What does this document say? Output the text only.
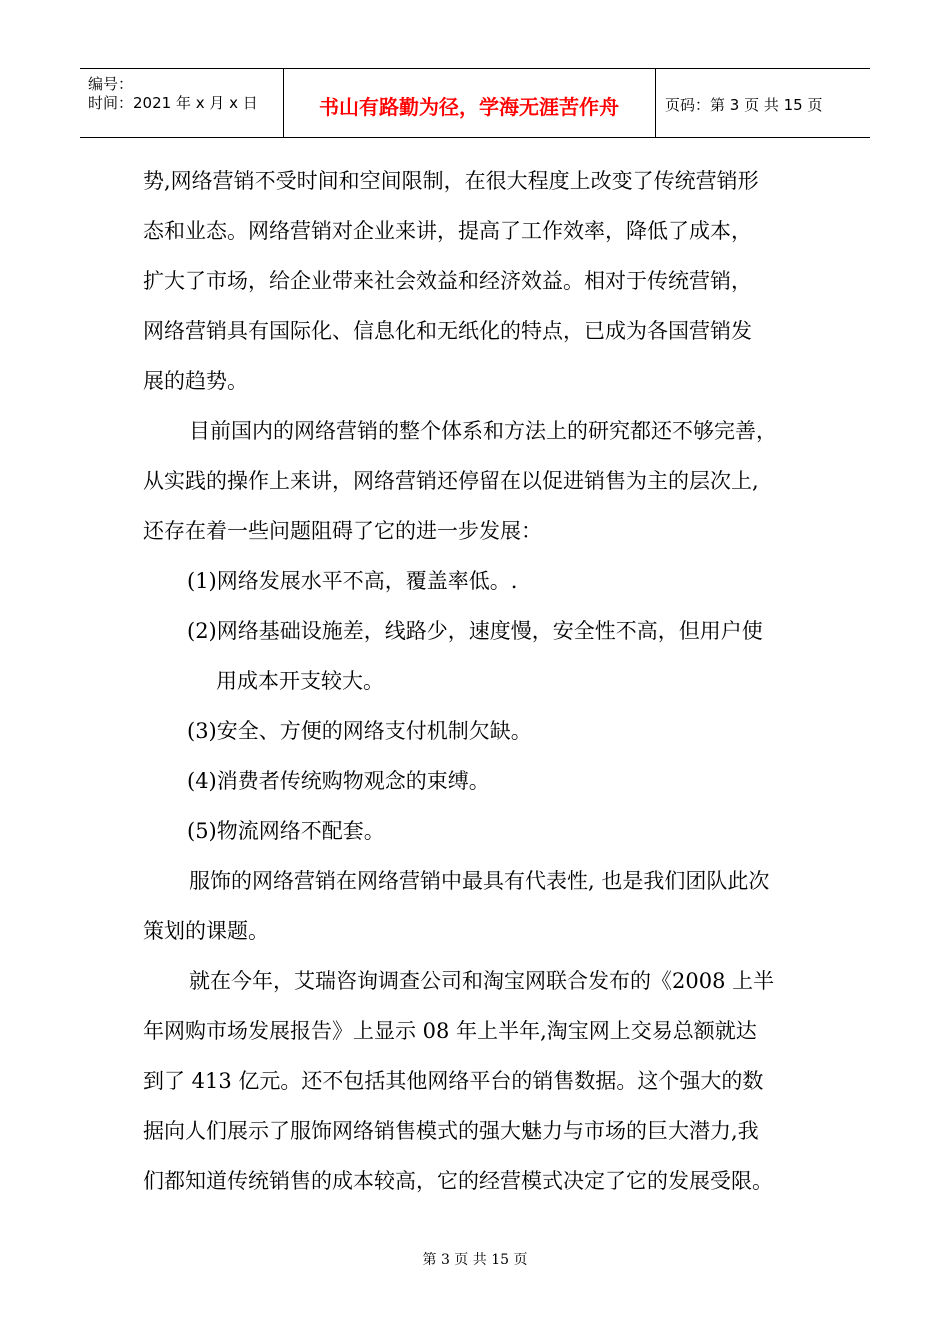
编号：
时间：2021 年 x 月 x 日	书山有路勤为径，学海无涯苦作舟	页码：第 3 页 共 15 页
势,网络营销不受时间和空间限制，在很大程度上改变了传统营销形
态和业态。网络营销对企业来讲，提高了工作效率，降低了成本，
扩大了市场，给企业带来社会效益和经济效益。相对于传统营销，
网络营销具有国际化、信息化和无纸化的特点，已成为各国营销发
展的趋势。
目前国内的网络营销的整个体系和方法上的研究都还不够完善，
从实践的操作上来讲，网络营销还停留在以促进销售为主的层次上,
还存在着一些问题阻碍了它的进一步发展：
(1)网络发展水平不高，覆盖率低。.
(2)网络基础设施差，线路少，速度慢，安全性不高，但用户使
用成本开支较大。
(3)安全、方便的网络支付机制欠缺。
(4)消费者传统购物观念的束缚。
(5)物流网络不配套。
服饰的网络营销在网络营销中最具有代表性, 也是我们团队此次
策划的课题。
就在今年，艾瑞咨询调查公司和淘宝网联合发布的《2008 上半
年网购市场发展报告》上显示 08 年上半年,淘宝网上交易总额就达
到了 413 亿元。还不包括其他网络平台的销售数据。这个强大的数
据向人们展示了服饰网络销售模式的强大魅力与市场的巨大潜力,我
们都知道传统销售的成本较高，它的经营模式决定了它的发展受限。
第 3 页 共 15 页
